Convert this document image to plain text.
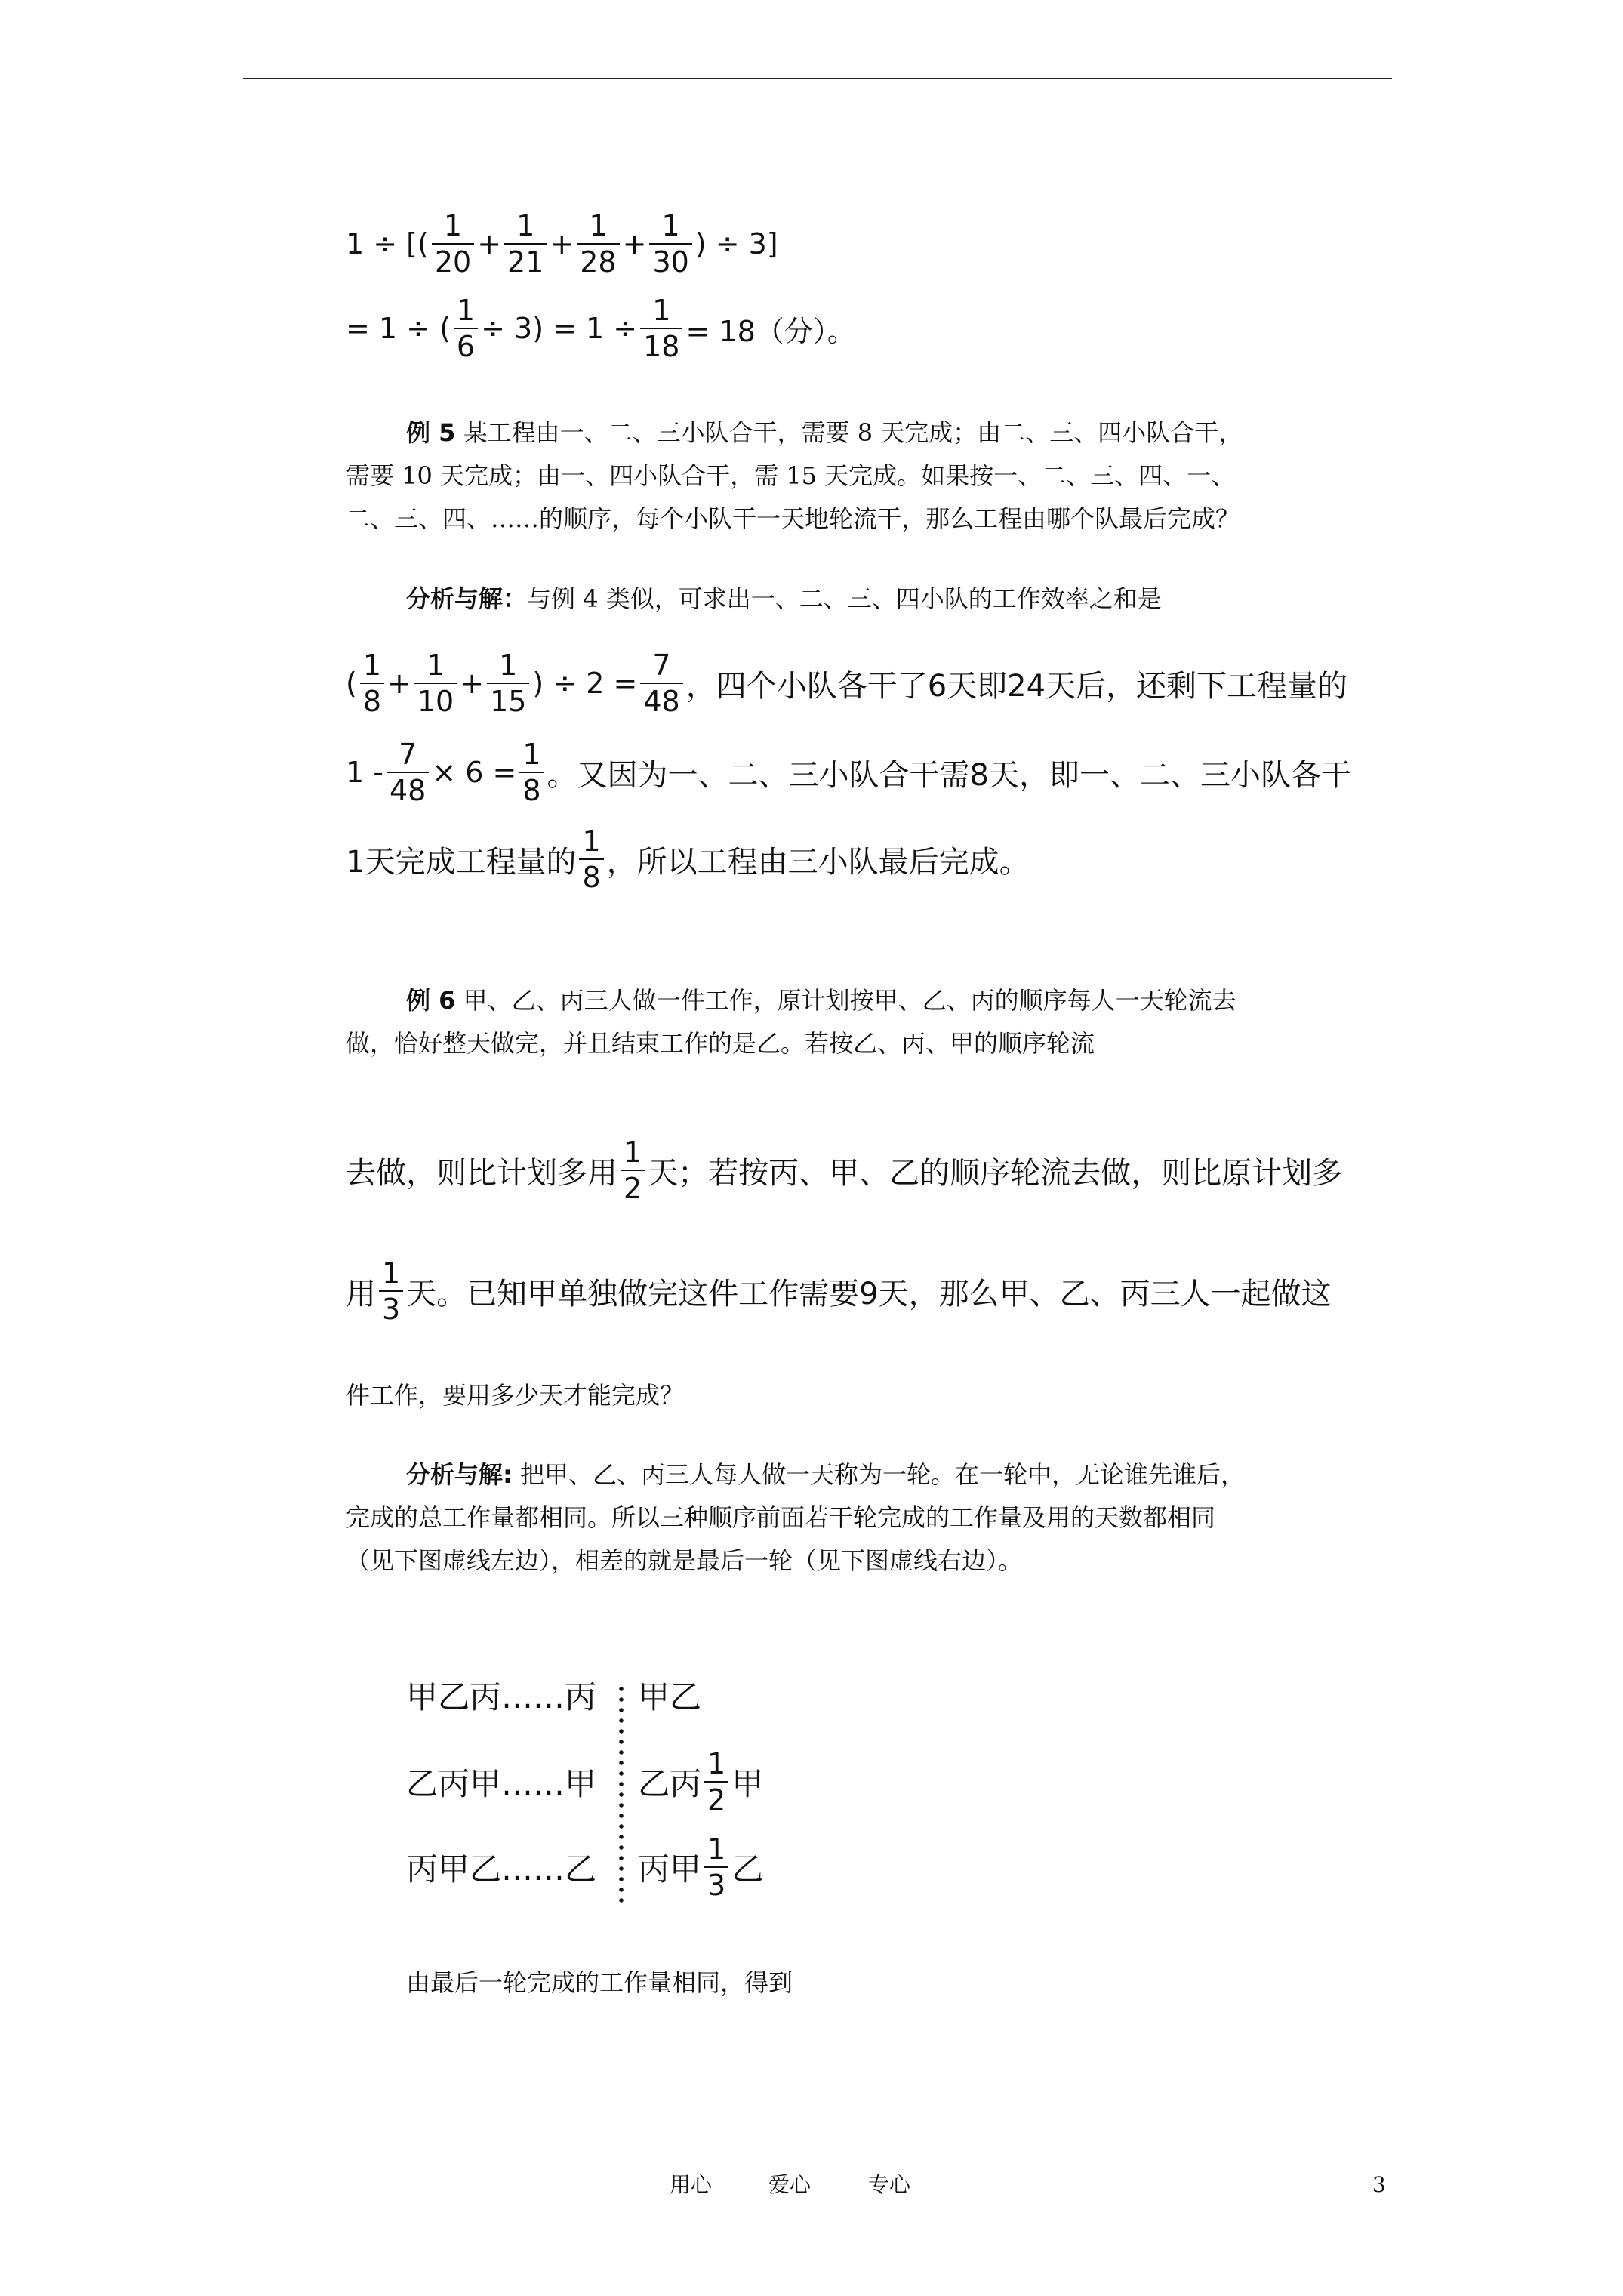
1 ÷ [( $\frac{1}{20} + \frac{1}{21} + \frac{1}{28} + \frac{1}{30}$ ) ÷ 3]
= 1 ÷ ( $\frac{1}{6} \div 3) = 1 \div \frac{1}{18} = 18$（分）。
例 5 某工程由一、二、三小队合干，需要 8 天完成；由二、三、四小队合干，
需要 10 天完成；由一、四小队合干，需 15 天完成。如果按一、二、三、四、一、
二、三、四、……的顺序，每个小队干一天地轮流干，那么工程由哪个队最后完成？
分析与解：与例 4 类似，可求出一、二、三、四小队的工作效率之和是
( $\frac{1}{8} + \frac{1}{10} + \frac{1}{15}$ ) ÷ $2 = \frac{7}{48}$ ，四个小队各干了6天即24天后，还剩下工程量的
$1 - \frac{7}{48} \times 6 = \frac{1}{8}$ 。又因为一、二、三小队合干需8天，即一、二、三小队各干
1天完成工程量的 $\frac{1}{8}$ ，所以工程由三小队最后完成。
例 6 甲、乙、丙三人做一件工作，原计划按甲、乙、丙的顺序每人一天轮流去
做，恰好整天做完，并且结束工作的是乙。若按乙、丙、甲的顺序轮流
去做，则比计划多用 $\frac{1}{2}$ 天；若按丙、甲、乙的顺序轮流去做，则比原计划多
用 $\frac{1}{3}$ 天。已知甲单独做完这件工作需要9天，那么甲、乙、丙三人一起做这
件工作，要用多少天才能完成？
分析与解: 把甲、乙、丙三人每人做一天称为一轮。在一轮中，无论谁先谁后，
完成的总工作量都相同。所以三种顺序前面若干轮完成的工作量及用的天数都相同
（见下图虚线左边），相差的就是最后一轮（见下图虚线右边）。
甲乙丙……丙 甲乙
乙丙甲……甲 乙丙 $\frac{1}{2}$ 甲
丙甲乙……乙 丙甲 $\frac{1}{3}$ 乙
由最后一轮完成的工作量相同，得到
用心	爱心	专心	3
